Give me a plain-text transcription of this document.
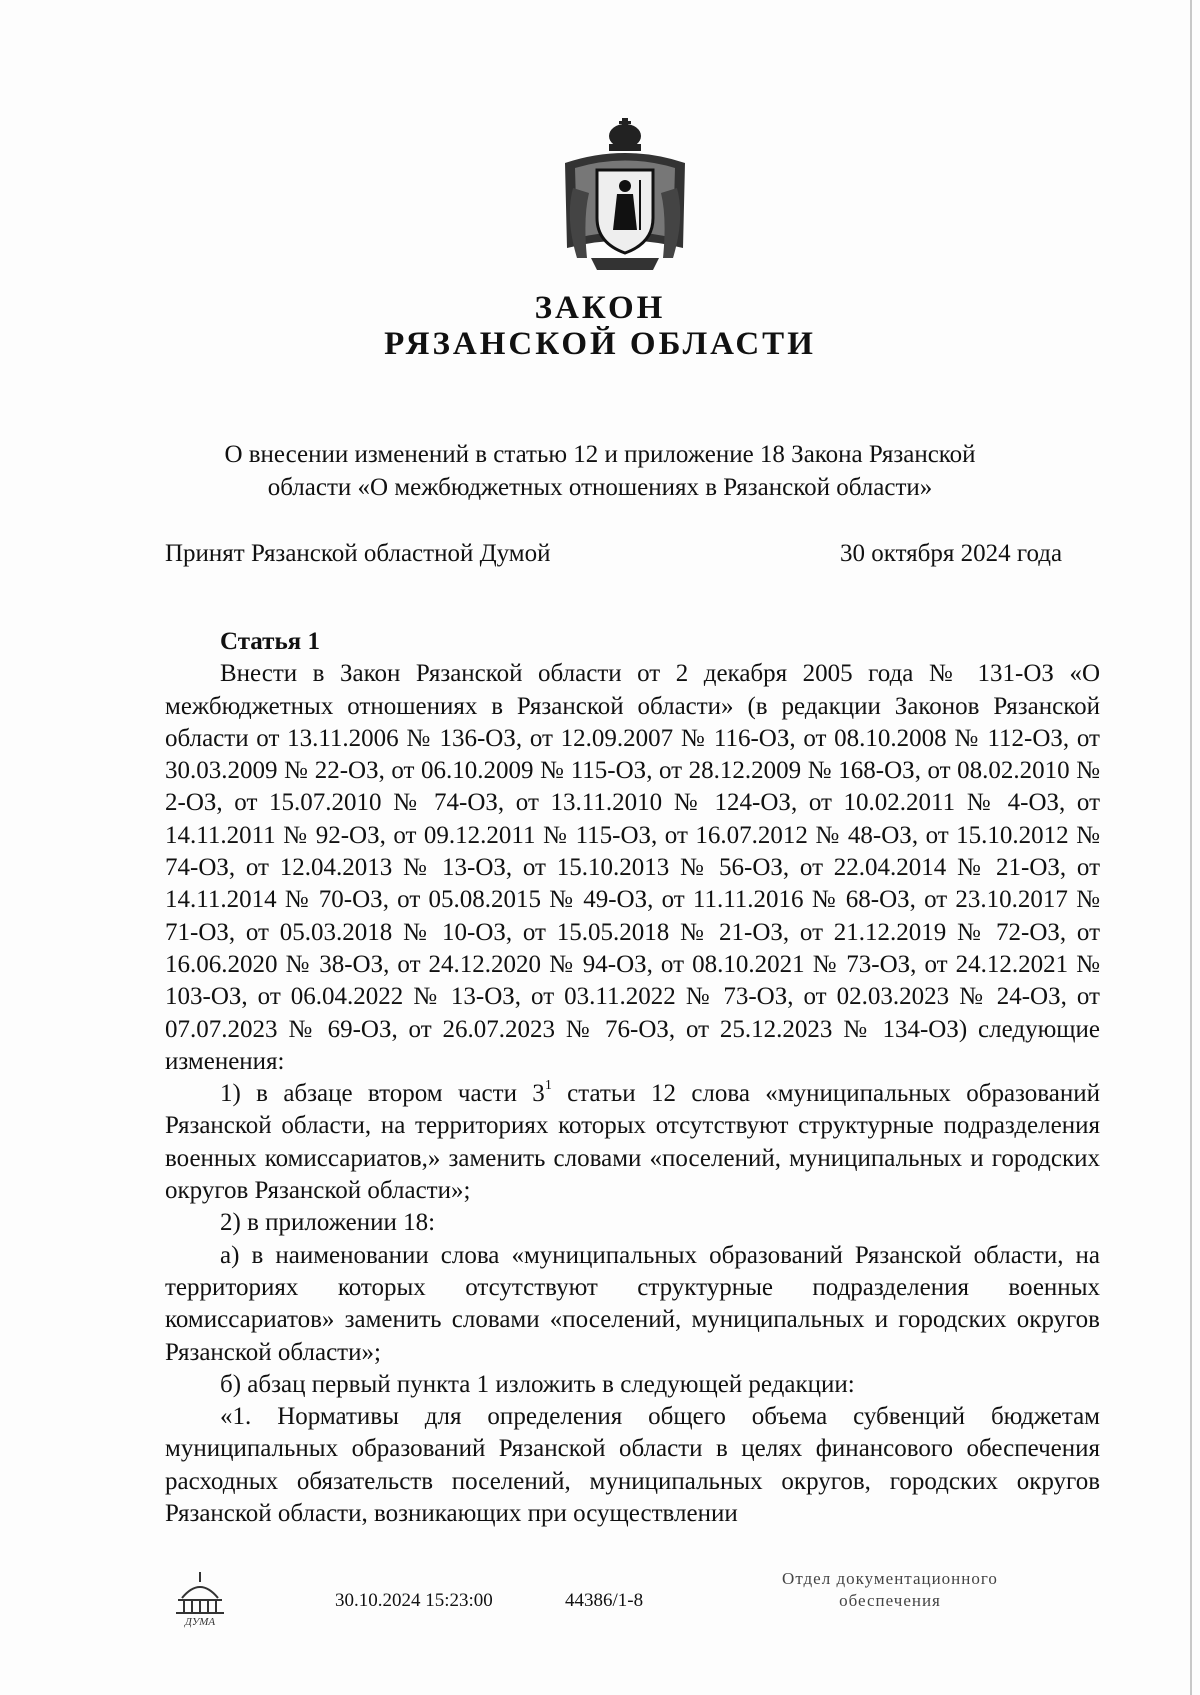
ЗАКОН
РЯЗАНСКОЙ ОБЛАСТИ
О внесении изменений в статью 12 и приложение 18 Закона Рязанской
области «О межбюджетных отношениях в Рязанской области»
Принят Рязанской областной Думой	30 октября 2024 года
Статья 1

Внести в Закон Рязанской области от 2 декабря 2005 года № 131-ОЗ «О межбюджетных отношениях в Рязанской области» (в редакции Законов Рязанской области от 13.11.2006 № 136-ОЗ, от 12.09.2007 № 116-ОЗ, от 08.10.2008 № 112-ОЗ, от 30.03.2009 № 22-ОЗ, от 06.10.2009 № 115-ОЗ, от 28.12.2009 № 168-ОЗ, от 08.02.2010 № 2-ОЗ, от 15.07.2010 № 74-ОЗ, от 13.11.2010 № 124-ОЗ, от 10.02.2011 № 4-ОЗ, от 14.11.2011 № 92-ОЗ, от 09.12.2011 № 115-ОЗ, от 16.07.2012 № 48-ОЗ, от 15.10.2012 № 74-ОЗ, от 12.04.2013 № 13-ОЗ, от 15.10.2013 № 56-ОЗ, от 22.04.2014 № 21-ОЗ, от 14.11.2014 № 70-ОЗ, от 05.08.2015 № 49-ОЗ, от 11.11.2016 № 68-ОЗ, от 23.10.2017 № 71-ОЗ, от 05.03.2018 № 10-ОЗ, от 15.05.2018 № 21-ОЗ, от 21.12.2019 № 72-ОЗ, от 16.06.2020 № 38-ОЗ, от 24.12.2020 № 94-ОЗ, от 08.10.2021 № 73-ОЗ, от 24.12.2021 № 103-ОЗ, от 06.04.2022 № 13-ОЗ, от 03.11.2022 № 73-ОЗ, от 02.03.2023 № 24-ОЗ, от 07.07.2023 № 69-ОЗ, от 26.07.2023 № 76-ОЗ, от 25.12.2023 № 134-ОЗ) следующие изменения:

1) в абзаце втором части $3^1$ статьи 12 слова «муниципальных образований Рязанской области, на территориях которых отсутствуют структурные подразделения военных комиссариатов,» заменить словами «поселений, муниципальных и городских округов Рязанской области»;

2) в приложении 18:

а) в наименовании слова «муниципальных образований Рязанской области, на территориях которых отсутствуют структурные подразделения военных комиссариатов» заменить словами «поселений, муниципальных и городских округов Рязанской области»;

б) абзац первый пункта 1 изложить в следующей редакции:

«1. Нормативы для определения общего объема субвенций бюджетам муниципальных образований Рязанской области в целях финансового обеспечения расходных обязательств поселений, муниципальных округов, городских округов Рязанской области, возникающих при осуществлении

ДУМА
30.10.2024 15:23:00	44386/1-8
Отдел документационного
обеспечения
